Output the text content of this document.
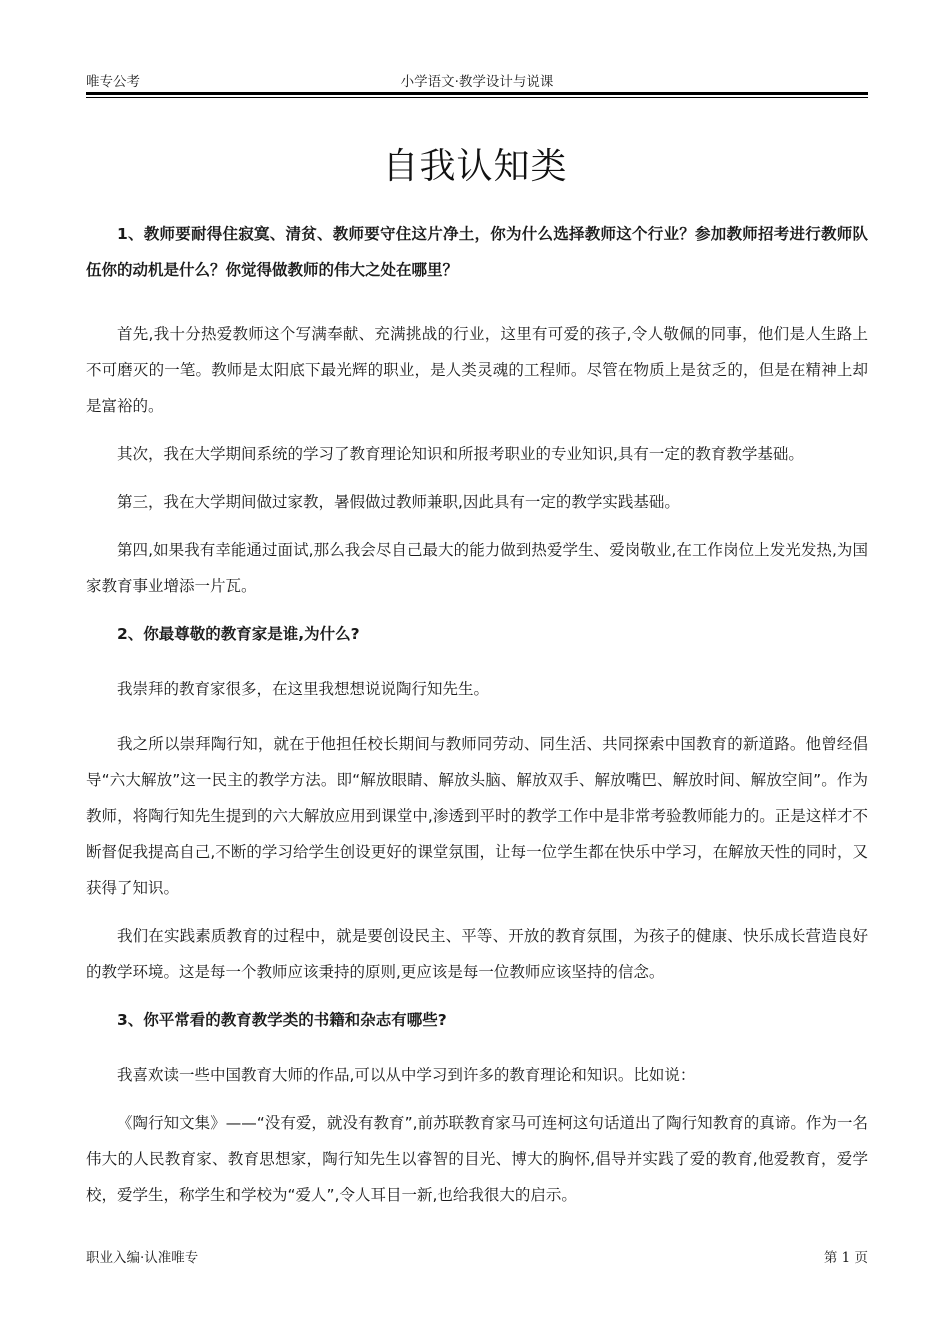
唯专公考	小学语文·教学设计与说课
自我认知类

1、教师要耐得住寂寞、清贫、教师要守住这片净土，你为什么选择教师这个行业？参加教师招考进行教师队伍你的动机是什么？你觉得做教师的伟大之处在哪里？

首先,我十分热爱教师这个写满奉献、充满挑战的行业，这里有可爱的孩子,令人敬佩的同事，他们是人生路上不可磨灭的一笔。教师是太阳底下最光辉的职业，是人类灵魂的工程师。尽管在物质上是贫乏的，但是在精神上却是富裕的。

其次，我在大学期间系统的学习了教育理论知识和所报考职业的专业知识,具有一定的教育教学基础。

第三，我在大学期间做过家教，暑假做过教师兼职,因此具有一定的教学实践基础。

第四,如果我有幸能通过面试,那么我会尽自己最大的能力做到热爱学生、爱岗敬业,在工作岗位上发光发热,为国家教育事业增添一片瓦。

2、你最尊敬的教育家是谁,为什么?

我崇拜的教育家很多，在这里我想想说说陶行知先生。

我之所以崇拜陶行知，就在于他担任校长期间与教师同劳动、同生活、共同探索中国教育的新道路。他曾经倡导“六大解放”这一民主的教学方法。即“解放眼睛、解放头脑、解放双手、解放嘴巴、解放时间、解放空间”。作为教师，将陶行知先生提到的六大解放应用到课堂中,渗透到平时的教学工作中是非常考验教师能力的。正是这样才不断督促我提高自己,不断的学习给学生创设更好的课堂氛围，让每一位学生都在快乐中学习，在解放天性的同时，又获得了知识。

我们在实践素质教育的过程中，就是要创设民主、平等、开放的教育氛围，为孩子的健康、快乐成长营造良好的教学环境。这是每一个教师应该秉持的原则,更应该是每一位教师应该坚持的信念。

3、你平常看的教育教学类的书籍和杂志有哪些?

我喜欢读一些中国教育大师的作品,可以从中学习到许多的教育理论和知识。比如说：

《陶行知文集》——“没有爱，就没有教育”,前苏联教育家马可连柯这句话道出了陶行知教育的真谛。作为一名伟大的人民教育家、教育思想家，陶行知先生以睿智的目光、博大的胸怀,倡导并实践了爱的教育,他爱教育，爱学校，爱学生，称学生和学校为“爱人”,令人耳目一新,也给我很大的启示。

职业入编·认准唯专	第 1 页
